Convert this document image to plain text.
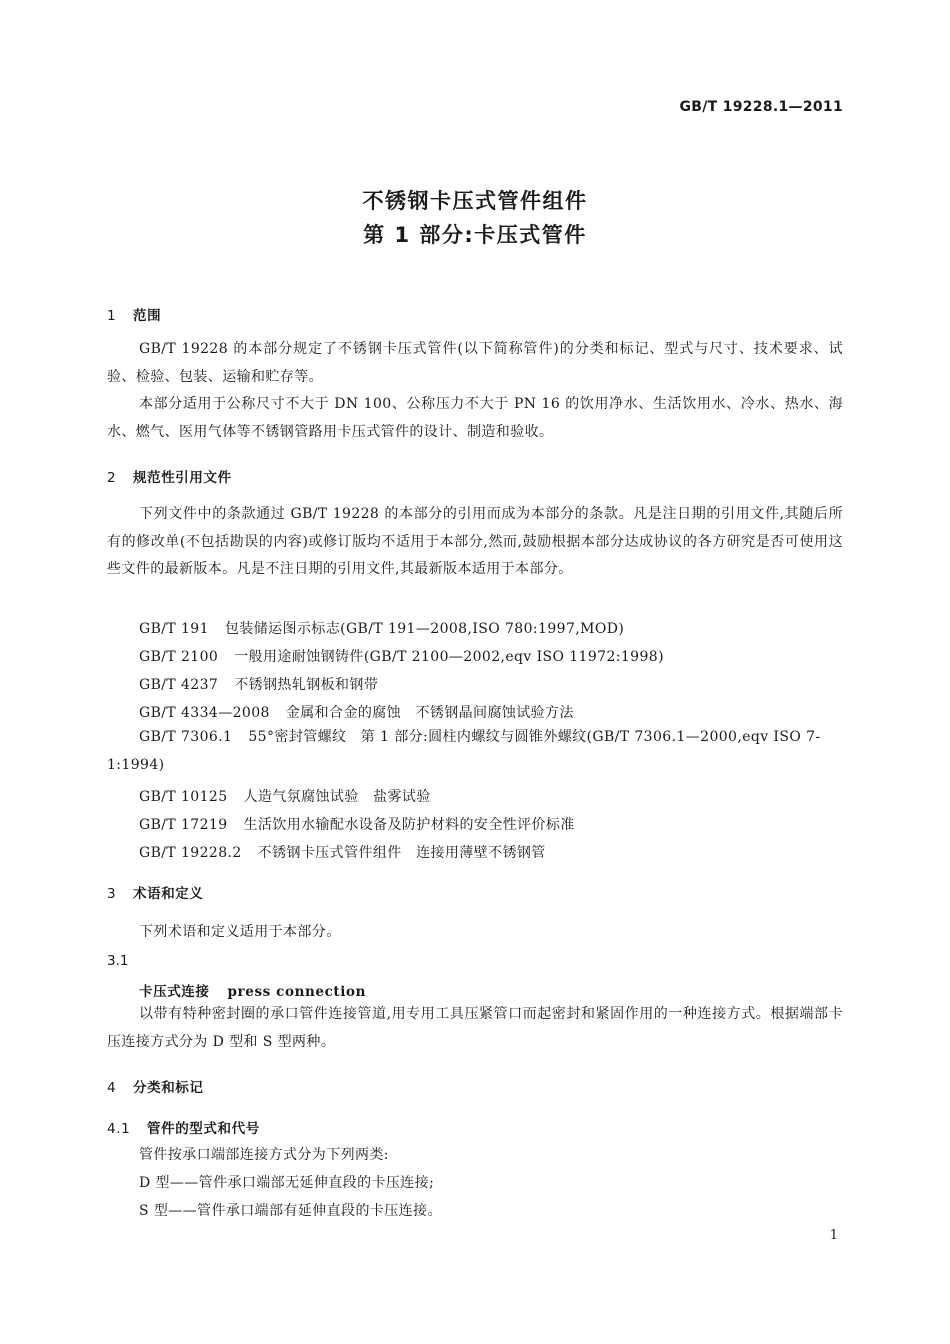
GB/T 19228.1—2011
不锈钢卡压式管件组件
第 1 部分:卡压式管件
1 范围
GB/T 19228 的本部分规定了不锈钢卡压式管件(以下简称管件)的分类和标记、型式与尺寸、技术要求、试验、检验、包装、运输和贮存等。
本部分适用于公称尺寸不大于 DN 100、公称压力不大于 PN 16 的饮用净水、生活饮用水、冷水、热水、海水、燃气、医用气体等不锈钢管路用卡压式管件的设计、制造和验收。
2 规范性引用文件
下列文件中的条款通过 GB/T 19228 的本部分的引用而成为本部分的条款。凡是注日期的引用文件,其随后所有的修改单(不包括勘误的内容)或修订版均不适用于本部分,然而,鼓励根据本部分达成协议的各方研究是否可使用这些文件的最新版本。凡是不注日期的引用文件,其最新版本适用于本部分。
GB/T 191 包装储运图示标志(GB/T 191—2008,ISO 780:1997,MOD)
GB/T 2100 一般用途耐蚀钢铸件(GB/T 2100—2002,eqv ISO 11972:1998)
GB/T 4237 不锈钢热轧钢板和钢带
GB/T 4334—2008 金属和合金的腐蚀　不锈钢晶间腐蚀试验方法
GB/T 7306.1 55°密封管螺纹　第 1 部分:圆柱内螺纹与圆锥外螺纹(GB/T 7306.1—2000,eqv ISO 7-1:1994)
GB/T 10125 人造气氛腐蚀试验　盐雾试验
GB/T 17219 生活饮用水输配水设备及防护材料的安全性评价标准
GB/T 19228.2 不锈钢卡压式管件组件　连接用薄壁不锈钢管
3 术语和定义
下列术语和定义适用于本部分。
3.1
卡压式连接 press connection
以带有特种密封圈的承口管件连接管道,用专用工具压紧管口而起密封和紧固作用的一种连接方式。根据端部卡压连接方式分为 D 型和 S 型两种。
4 分类和标记
4.1 管件的型式和代号
管件按承口端部连接方式分为下列两类:
D 型——管件承口端部无延伸直段的卡压连接;
S 型——管件承口端部有延伸直段的卡压连接。
1
